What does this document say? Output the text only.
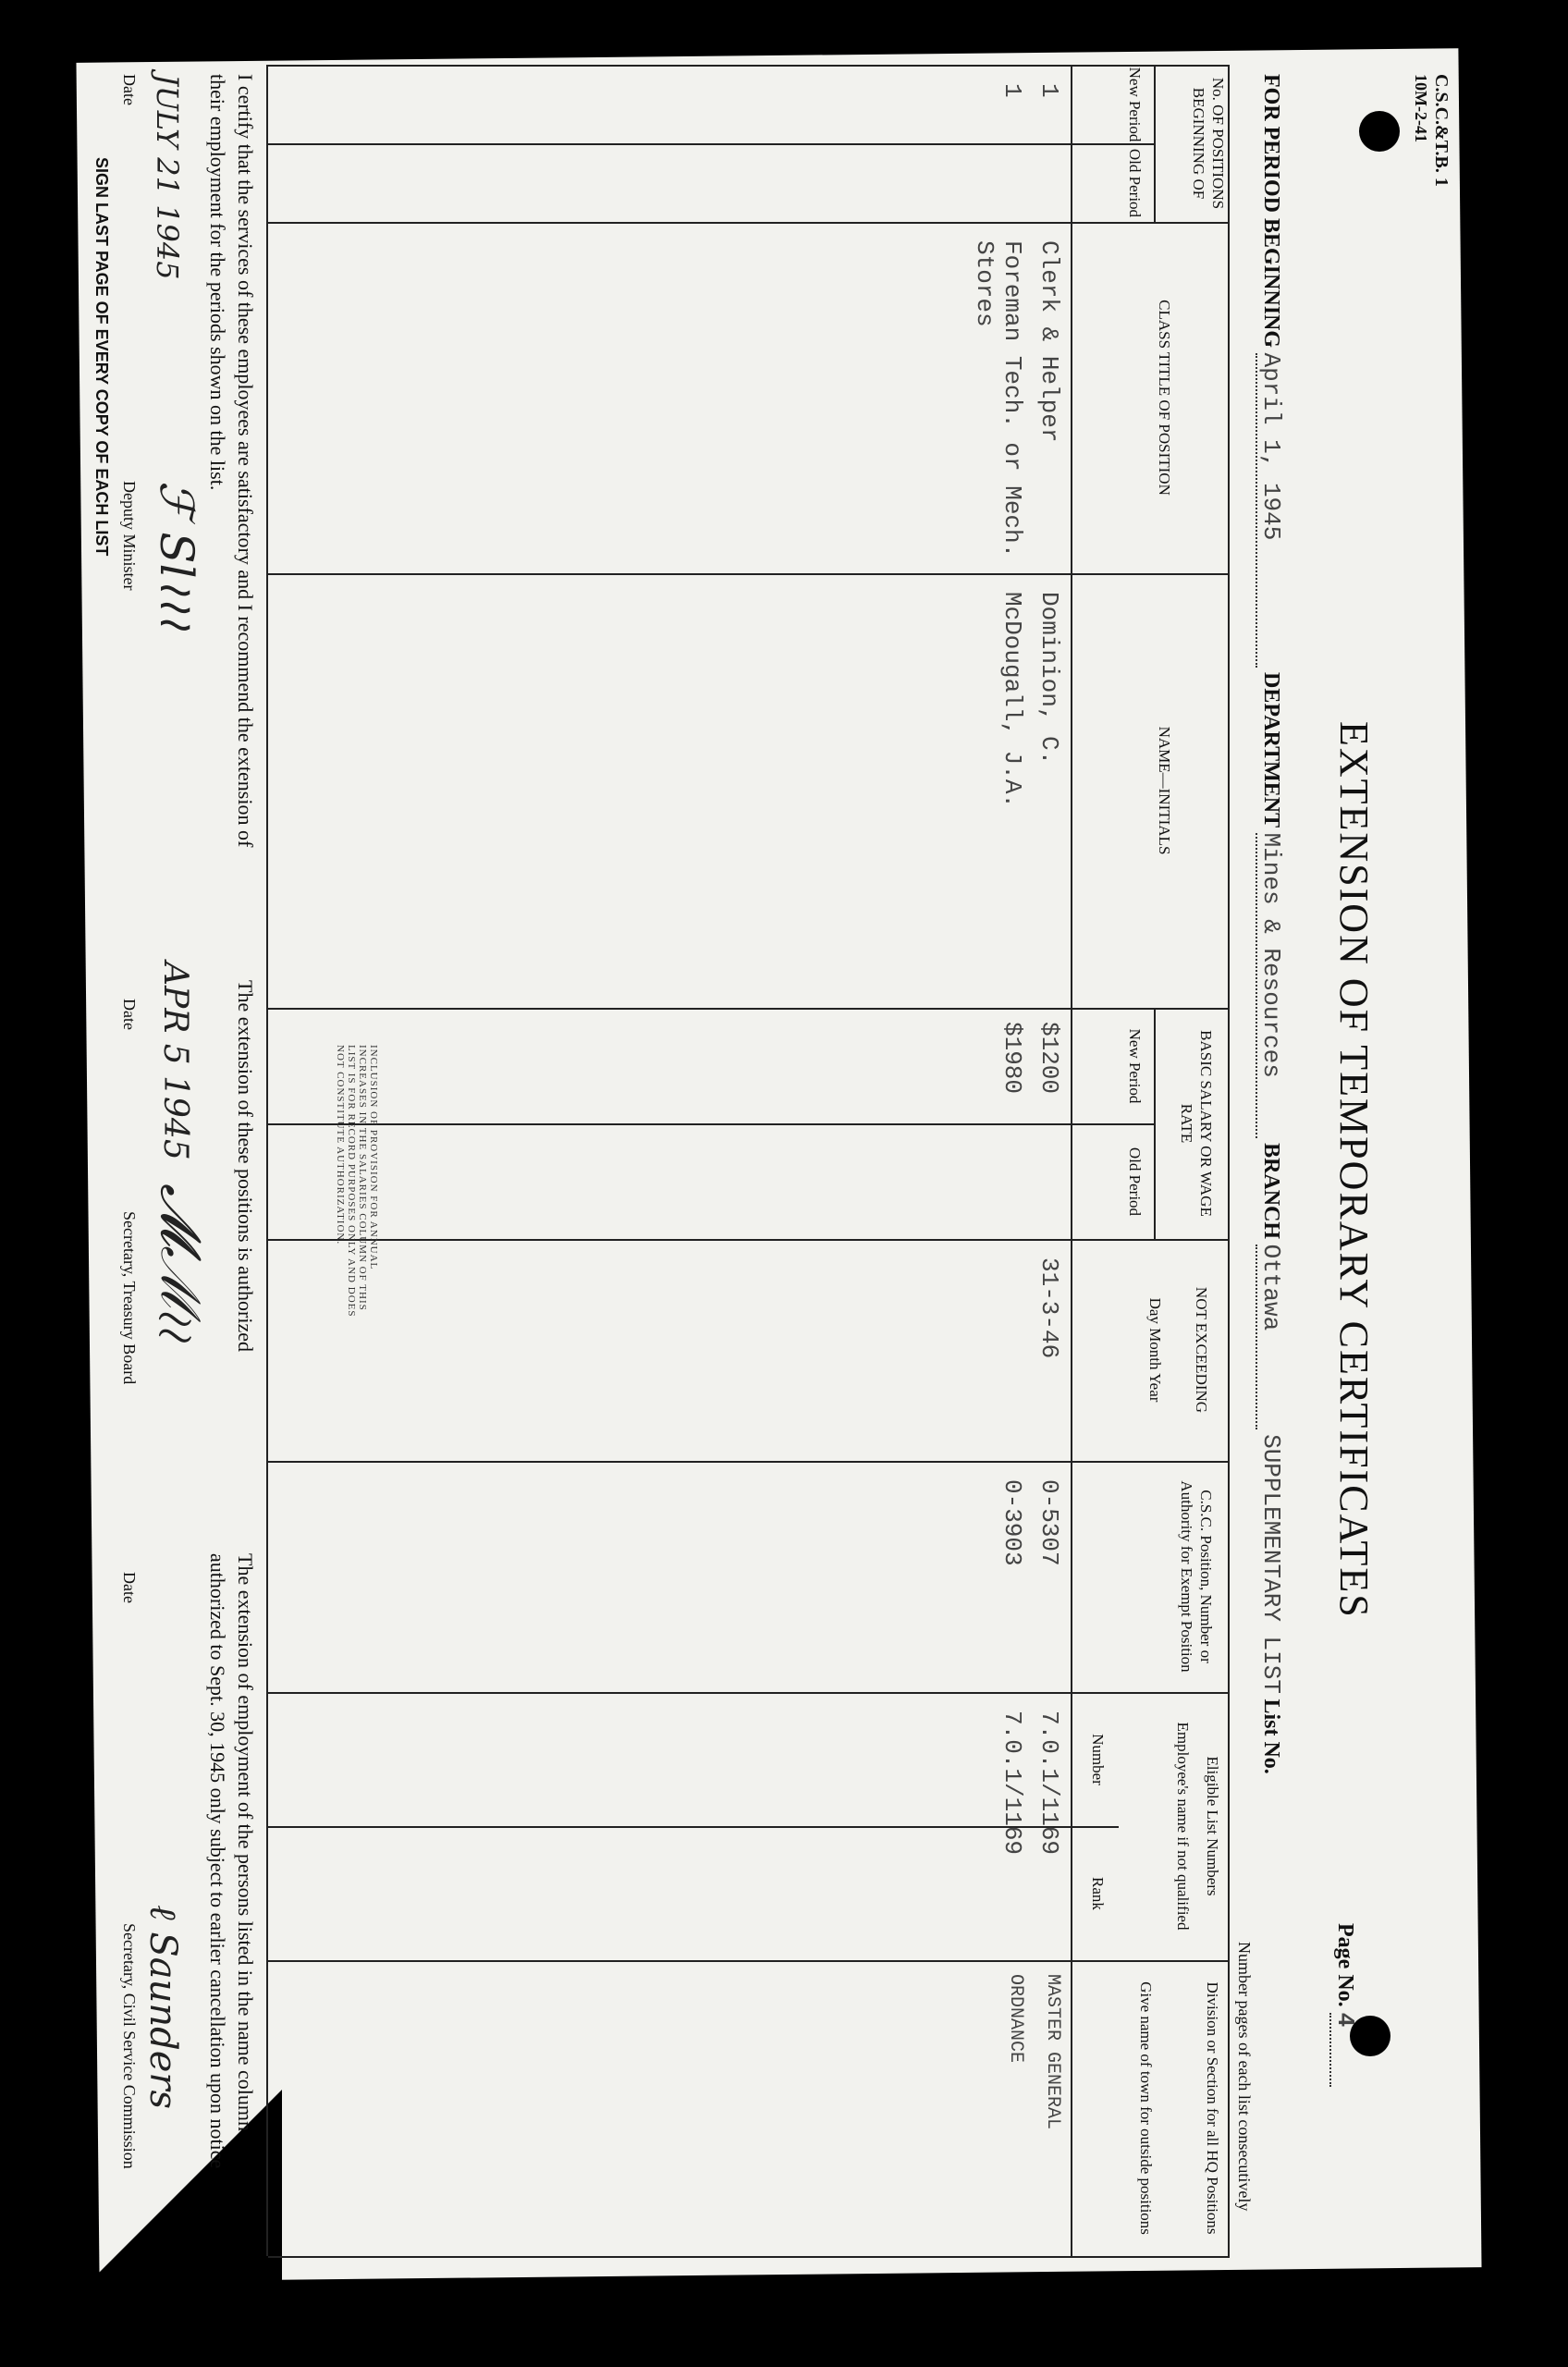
C.S.C.&T.B. 1
10M-2-41
EXTENSION OF TEMPORARY CERTIFICATES
Page No. 4
FOR PERIOD BEGINNING April 1, 1945 DEPARTMENT Mines & Resources BRANCH Ottawa SUPPLEMENTARY LIST List No.
Number pages of each list consecutively
No. OF POSITIONS BEGINNING OF
New Period
Old Period
CLASS TITLE OF POSITION
NAME—INITIALS
BASIC SALARY OR WAGE RATE
New Period
Old Period
NOT EXCEEDING
Day Month Year
C.S.C. Position, Number or Authority for Exempt Position
Eligible List Numbers
Employee's name if not qualified
Number
Rank
Division or Section for all HQ Positions
Give name of town for outside positions
1
Clerk & Helper
Dominion, C.
$1200
31-3-46
0-5307
7.0.1/1169
MASTER GENERAL
1
Foreman Tech. or Mech. Stores
McDougall, J.A.
$1980
0-3903
7.0.1/1169
ORDNANCE
INCLUSION OF PROVISION FOR ANNUAL INCREASES IN THE SALARIES COLUMN OF THIS LIST IS FOR RECORD PURPOSES ONLY AND DOES NOT CONSTITUTE AUTHORIZATION.
I certify that the services of these employees are satisfactory and I recommend the extension of their employment for the periods shown on the list.
JULY 21 1945
ℱ Sl≀≀≀
Date
Deputy Minister
SIGN LAST PAGE OF EVERY COPY OF EACH LIST
The extension of these positions is authorized
APR 5 1945
𝓜ℳ≀≀
Date
Secretary, Treasury Board
The extension of employment of the persons listed in the name column authorized to Sept. 30, 1945 only subject to earlier cancellation upon notice
ℓ Saunders
Date
Secretary, Civil Service Commission
